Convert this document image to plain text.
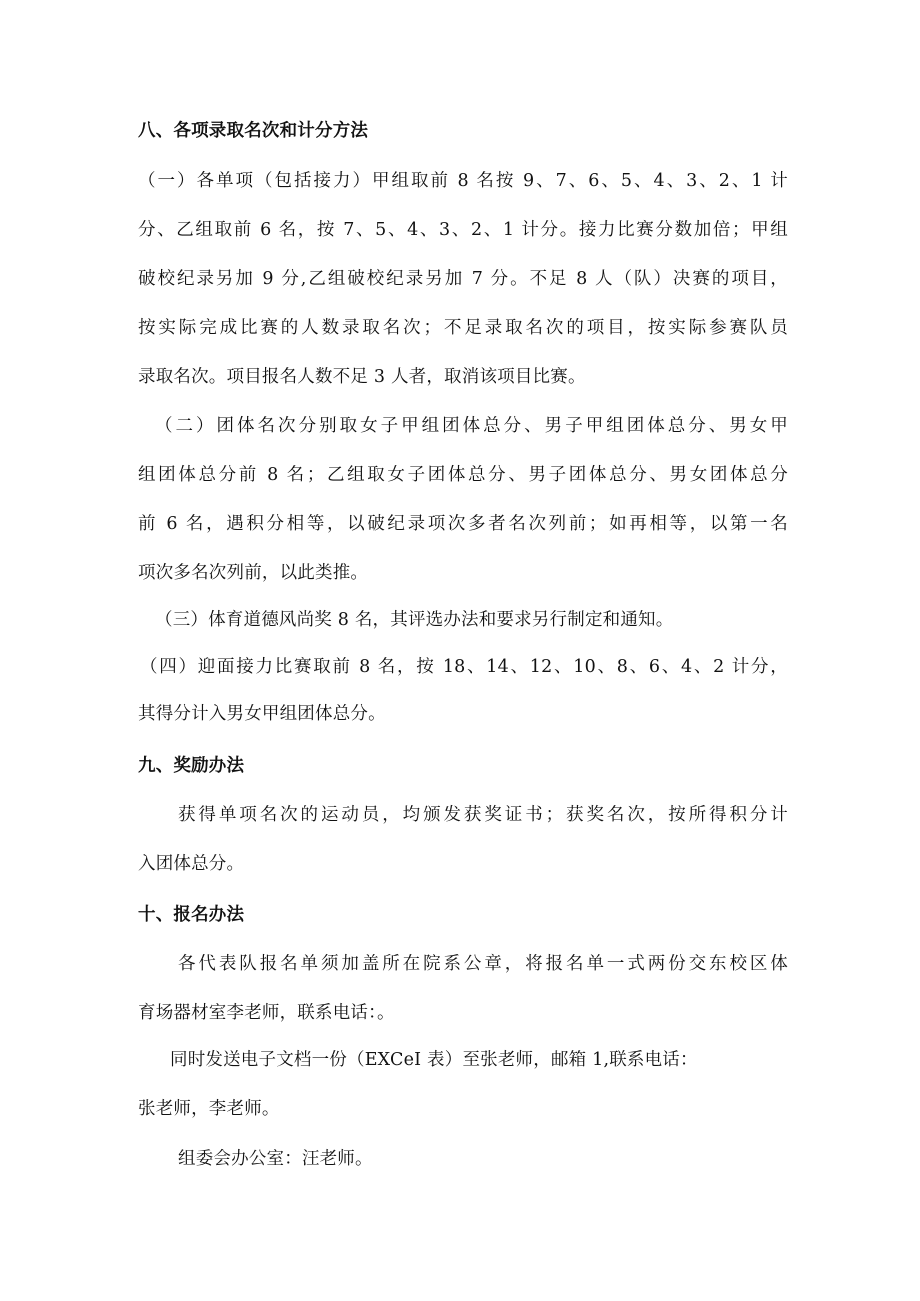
八、各项录取名次和计分方法
（一）各单项（包括接力）甲组取前 8 名按 9、7、6、5、4、3、2、1 计
分、乙组取前 6 名，按 7、5、4、3、2、1 计分。接力比赛分数加倍；甲组
破校纪录另加 9 分,乙组破校纪录另加 7 分。不足 8 人（队）决赛的项目，
按实际完成比赛的人数录取名次；不足录取名次的项目，按实际参赛队员
录取名次。项目报名人数不足 3 人者，取消该项目比赛。
（二）团体名次分别取女子甲组团体总分、男子甲组团体总分、男女甲
组团体总分前 8 名；乙组取女子团体总分、男子团体总分、男女团体总分
前 6 名，遇积分相等，以破纪录项次多者名次列前；如再相等，以第一名
项次多名次列前，以此类推。
（三）体育道德风尚奖 8 名，其评选办法和要求另行制定和通知。
（四）迎面接力比赛取前 8 名，按 18、14、12、10、8、6、4、2 计分，
其得分计入男女甲组团体总分。
九、奖励办法
获得单项名次的运动员，均颁发获奖证书；获奖名次，按所得积分计
入团体总分。
十、报名办法
各代表队报名单须加盖所在院系公章，将报名单一式两份交东校区体
育场器材室李老师，联系电话：。
同时发送电子文档一份（EXCeI 表）至张老师，邮箱 1,联系电话：
张老师，李老师。
组委会办公室：汪老师。
